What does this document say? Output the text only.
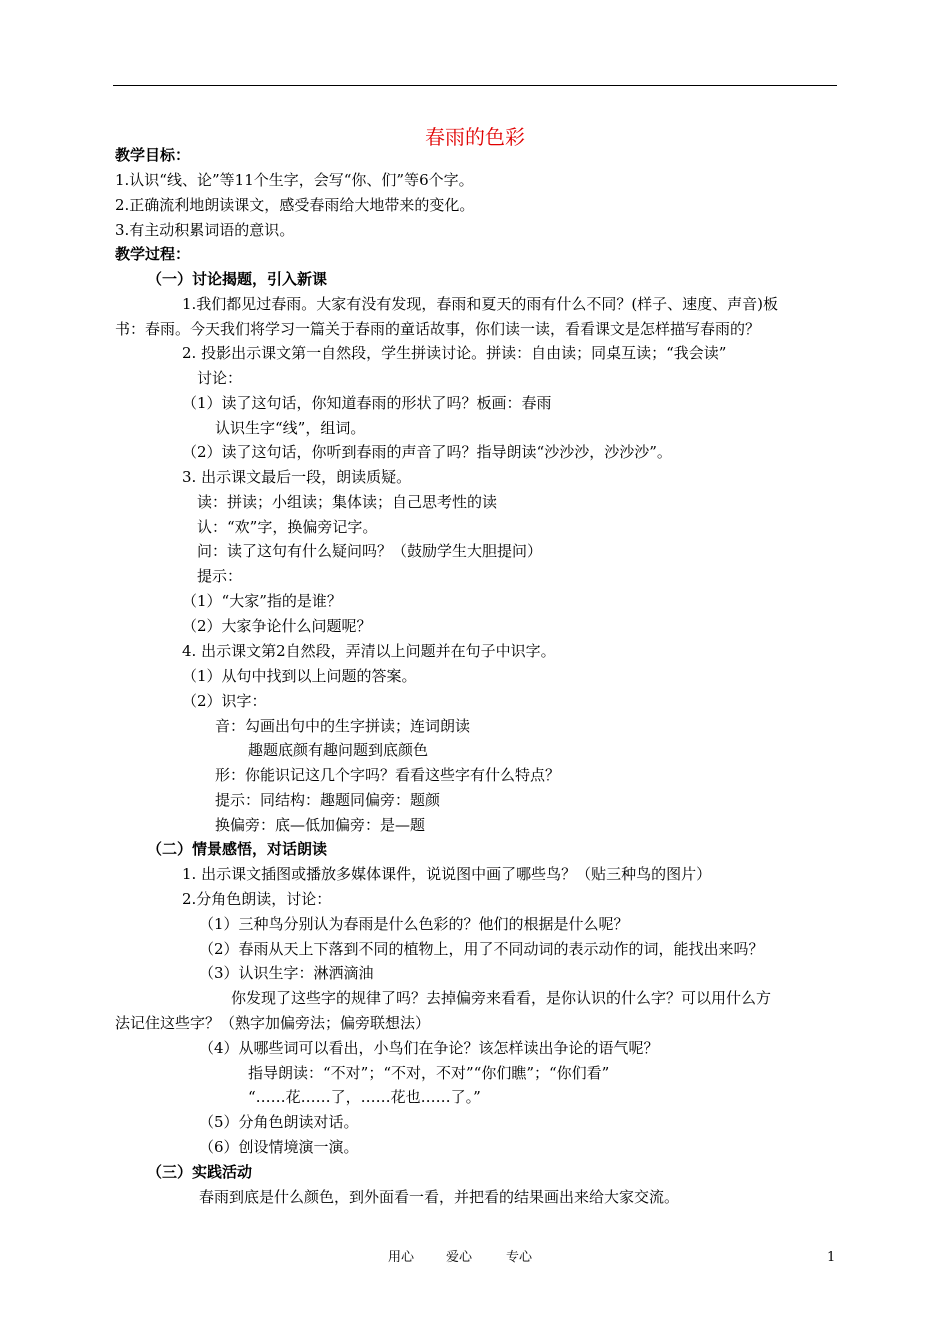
春雨的色彩
教学目标：
1.认识“线、论”等11个生字，会写“你、们”等6个字。
2.正确流利地朗读课文，感受春雨给大地带来的变化。
3.有主动积累词语的意识。
教学过程：
（一）讨论揭题，引入新课
1.我们都见过春雨。大家有没有发现，春雨和夏天的雨有什么不同？(样子、速度、声音)板
书：春雨。今天我们将学习一篇关于春雨的童话故事，你们读一读，看看课文是怎样描写春雨的？
2. 投影出示课文第一自然段，学生拼读讨论。拼读：自由读；同桌互读；“我会读”
讨论：
（1）读了这句话，你知道春雨的形状了吗？板画：春雨
认识生字“线”，组词。
（2）读了这句话，你听到春雨的声音了吗？指导朗读“沙沙沙，沙沙沙”。
3. 出示课文最后一段，朗读质疑。
读：拼读；小组读；集体读；自己思考性的读
认：“欢”字，换偏旁记字。
问：读了这句有什么疑问吗？（鼓励学生大胆提问）
提示：
（1）“大家”指的是谁？
（2）大家争论什么问题呢？
4. 出示课文第2自然段，弄清以上问题并在句子中识字。
（1）从句中找到以上问题的答案。
（2）识字：
音：勾画出句中的生字拼读；连词朗读
趣题底颜有趣问题到底颜色
形：你能识记这几个字吗？看看这些字有什么特点？
提示：同结构：趣题同偏旁：题颜
换偏旁：底—低加偏旁：是—题
（二）情景感悟，对话朗读
1. 出示课文插图或播放多媒体课件，说说图中画了哪些鸟？（贴三种鸟的图片）
2.分角色朗读，讨论：
（1）三种鸟分别认为春雨是什么色彩的？他们的根据是什么呢？
（2）春雨从天上下落到不同的植物上，用了不同动词的表示动作的词，能找出来吗？
（3）认识生字：淋洒滴油
你发现了这些字的规律了吗？去掉偏旁来看看，是你认识的什么字？可以用什么方
法记住这些字？（熟字加偏旁法；偏旁联想法）
（4）从哪些词可以看出，小鸟们在争论？该怎样读出争论的语气呢？
指导朗读：“不对”；“不对，不对”“你们瞧”；“你们看”
“……花……了，……花也……了。”
（5）分角色朗读对话。
（6）创设情境演一演。
（三）实践活动
春雨到底是什么颜色，到外面看一看，并把看的结果画出来给大家交流。
用心 爱心	专心	1
